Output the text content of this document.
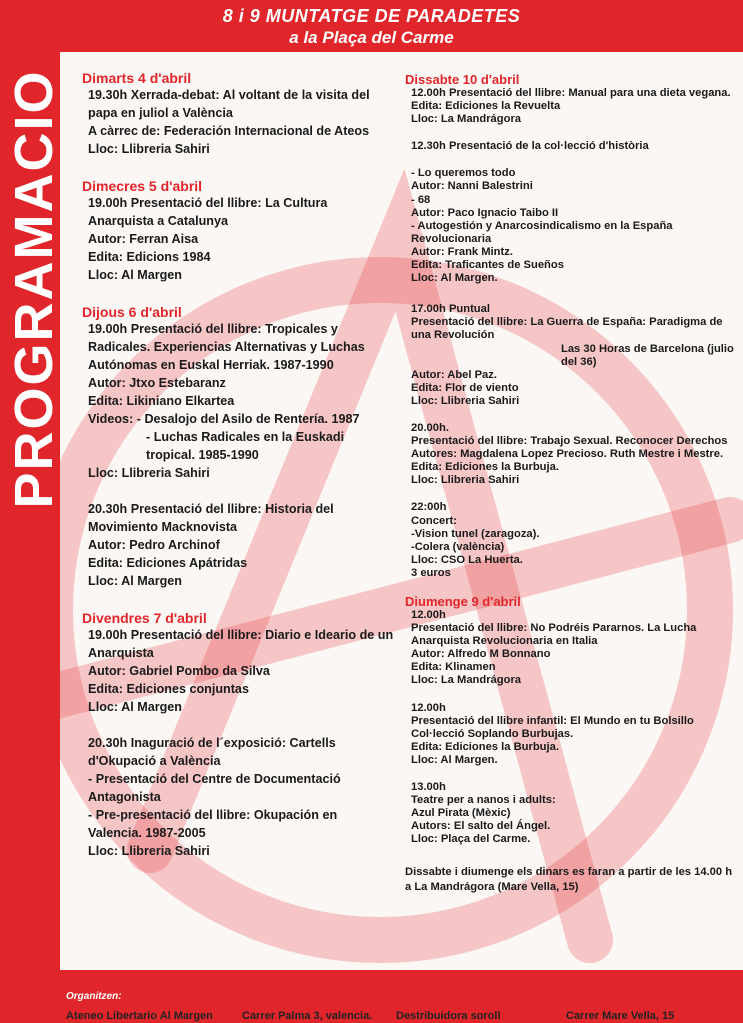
8 i 9 MUNTATGE DE PARADETES
a la Plaça del Carme
PROGRAMACIO Dimarts 4 d'abril

19.30h Xerrada-debat: Al voltant de la visita del papa en juliol a València

A càrrec de: Federación Internacional de Ateos

Lloc: Llibreria Sahiri

Dimecres 5 d'abril

19.00h Presentació del llibre: La Cultura Anarquista a Catalunya

Autor: Ferran Aisa

Edita: Edicions 1984

Lloc: Al Margen

Dijous 6 d'abril

19.00h Presentació del llibre: Tropicales y Radicales. Experiencias Alternativas y Luchas Autónomas en Euskal Herriak. 1987-1990

Autor: Jtxo Estebaranz

Edita: Likiniano Elkartea

Videos: - Desalojo del Asilo de Rentería. 1987

- Luchas Radicales en la Euskadi tropical. 1985-1990

Lloc: Llibreria Sahiri

20.30h Presentació del llibre: Historia del Movimiento Macknovista

Autor: Pedro Archinof

Edita: Ediciones Apátridas

Lloc: Al Margen

Divendres 7 d'abril

19.00h Presentació del llibre: Diario e Ideario de un Anarquista

Autor: Gabriel Pombo da Silva

Edita: Ediciones conjuntas

Lloc: Al Margen

20.30h Inaguració de l´exposició: Cartells d'Okupació a València

- Presentació del Centre de Documentació Antagonista

- Pre-presentació del llibre: Okupación en Valencia. 1987-2005

Lloc: Llibreria Sahiri

Dissabte 10 d'abril

12.00h Presentació del llibre: Manual para una dieta vegana.

Edita: Ediciones la Revuelta

Lloc: La Mandrágora

12.30h Presentació de la col·lecció d'història

- Lo queremos todo

Autor: Nanni Balestrini

- 68

Autor: Paco Ignacio Taibo II

- Autogestión y Anarcosindicalismo en la España Revolucionaria

Autor: Frank Mintz.

Edita: Traficantes de Sueños

Lloc: Al Margen.

17.00h Puntual

Presentació del llibre: La Guerra de España: Paradigma de una Revolución

Las 30 Horas de Barcelona (julio del 36)

Autor: Abel Paz.

Edita: Flor de viento

Lloc: Llibreria Sahiri

20.00h.

Presentació del llibre: Trabajo Sexual. Reconocer Derechos

Autores: Magdalena Lopez Precioso. Ruth Mestre i Mestre.

Edita: Ediciones la Burbuja.

Lloc: Llibreria Sahiri

22:00h

Concert:

-Vision tunel (zaragoza).

-Colera (valència)

Lloc: CSO La Huerta.

3 euros

Diumenge 9 d'abril

12.00h

Presentació del llibre: No Podréis Pararnos. La Lucha Anarquista Revolucionaria en Italia

Autor: Alfredo M Bonnano

Edita: Klinamen

Lloc: La Mandrágora

12.00h

Presentació del llibre infantil: El Mundo en tu Bolsillo

Col·lecció Soplando Burbujas.

Edita: Ediciones la Burbuja.

Lloc: Al Margen.

13.00h

Teatre per a nanos i adults:

Azul Pirata (Mèxic)

Autors: El salto del Ángel.

Lloc: Plaça del Carme.

Dissabte i diumenge els dinars es faran a partir de les 14.00 h a La Mandrágora (Mare Vella, 15)

Organitzen:
Ateneo Libertario Al Margen	Carrer Palma 3, valencia. Destribuidora soroll	Carrer Mare Vella, 15
